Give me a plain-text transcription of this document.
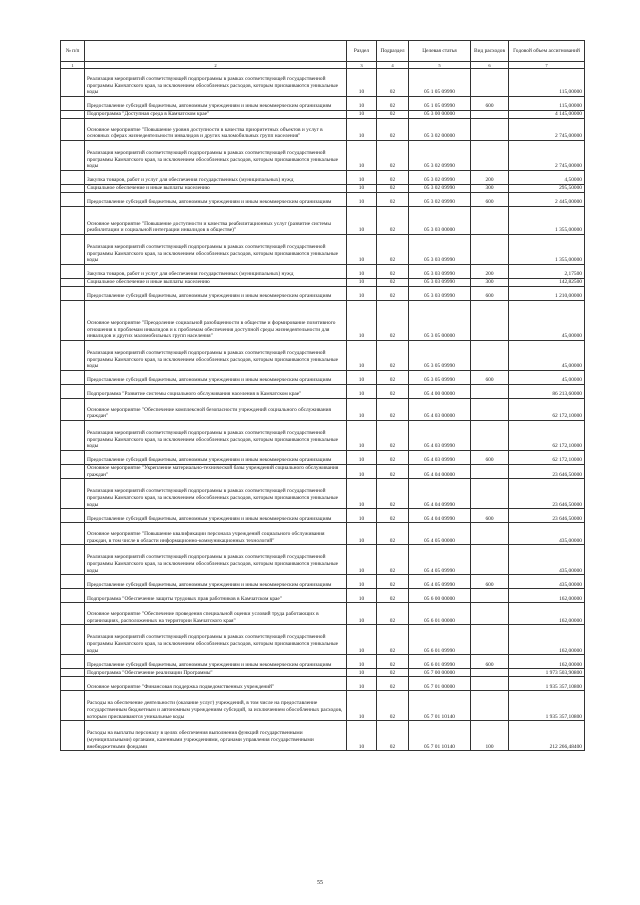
№ п/п		Раздел	Подраздел	Целевая статья	Вид расходов	Годовой объем ассигнований
1	2	3	4	5	6	7
	Реализация мероприятий соответствующей подпрограммы в рамках соответствующей государственной программы Камчатского края, за исключением обособленных расходов, которым присваиваются уникальные коды	10	02	05 1 05 09990		115,00000
	Предоставление субсидий бюджетным, автономным учреждениям и иным некоммерческим организациям	10	02	05 1 05 09990	600	115,00000
	Подпрограмма "Доступная среда в Камчатском крае"	10	02	05 3 00 00000		4 145,00000
	Основное мероприятие "Повышение уровня доступности в качества приоритетных объектов и услуг в основных сферах жизнедеятельности инвалидов и других маломобильных групп населения"	10	02	05 3 02 00000		2 745,00000
	Реализация мероприятий соответствующей подпрограммы в рамках соответствующей государственной программы Камчатского края, за исключением обособленных расходов, которым присваиваются уникальные коды	10	02	05 3 02 09990		2 745,00000
	Закупка товаров, работ и услуг для обеспечения государственных (муниципальных) нужд	10	02	05 3 02 09990	200	4,50000
	Социальное обеспечение и иные выплаты населению	10	02	05 3 02 09990	300	295,50000
	Предоставление субсидий бюджетным, автономным учреждениям и иным некоммерческим организациям	10	02	05 3 02 09990	600	2 445,00000
	Основное мероприятие "Повышение доступности и качества реабилитационных услуг (развитие системы реабилитации и социальной интеграции инвалидов в обществе)"	10	02	05 3 03 00000		1 355,00000
	Реализация мероприятий соответствующей подпрограммы в рамках соответствующей государственной программы Камчатского края, за исключением обособленных расходов, которым присваиваются уникальные коды	10	02	05 3 03 09990		1 355,00000
	Закупка товаров, работ и услуг для обеспечения государственных (муниципальных) нужд	10	02	05 3 03 09990	200	2,17500
	Социальное обеспечение и иные выплаты населению	10	02	05 3 03 09990	300	142,82500
	Предоставление субсидий бюджетным, автономным учреждениям и иным некоммерческим организациям	10	02	05 3 03 09990	600	1 210,00000
	Основное мероприятие "Преодоление социальной разобщенности в обществе и формирование позитивного отношения к проблемам инвалидов и к проблемам обеспечения доступной среды жизнедеятельности для инвалидов и других маломобильных групп населения"	10	02	05 3 05 00000		45,00000
	Реализация мероприятий соответствующей подпрограммы в рамках соответствующей государственной программы Камчатского края, за исключением обособленных расходов, которым присваиваются уникальные коды	10	02	05 3 05 09990		45,00000
	Предоставление субсидий бюджетным, автономным учреждениям и иным некоммерческим организациям	10	02	05 3 05 09990	600	45,00000
	Подпрограмма "Развитие системы социального обслуживания населения в Камчатском крае"	10	02	05 4 00 00000		86 213,60000
	Основное мероприятие "Обеспечение комплексной безопасности учреждений социального обслуживания граждан"	10	02	05 4 03 00000		62 172,10000
	Реализация мероприятий соответствующей подпрограммы в рамках соответствующей государственной программы Камчатского края, за исключением обособленных расходов, которым присваиваются уникальные коды	10	02	05 4 03 09990		62 172,10000
	Предоставление субсидий бюджетным, автономным учреждениям и иным некоммерческим организациям	10	02	05 4 03 09990	600	62 172,10000
	Основное мероприятие "Укрепление материально-технической базы учреждений социального обслуживания граждан"	10	02	05 4 04 00000		23 646,50000
	Реализация мероприятий соответствующей подпрограммы в рамках соответствующей государственной программы Камчатского края, за исключением обособленных расходов, которым присваиваются уникальные коды	10	02	05 4 04 09990		23 646,50000
	Предоставление субсидий бюджетным, автономным учреждениям и иным некоммерческим организациям	10	02	05 4 04 09990	600	23 646,50000
	Основное мероприятие "Повышение квалификации персонала учреждений социального обслуживания граждан, в том числе в области информационно-коммуникационных технологий"	10	02	05 4 05 00000		435,00000
	Реализация мероприятий соответствующей подпрограммы в рамках соответствующей государственной программы Камчатского края, за исключением обособленных расходов, которым присваиваются уникальные коды	10	02	05 4 05 09990		435,00000
	Предоставление субсидий бюджетным, автономным учреждениям и иным некоммерческим организациям	10	02	05 4 05 09990	600	435,00000
	Подпрограмма "Обеспечение защиты трудовых прав работников в Камчатском крае"	10	02	05 6 00 00000		162,00000
	Основное мероприятие "Обеспечение проведения специальной оценки условий труда работающих в организациях, расположенных на территории Камчатского края"	10	02	05 6 01 00000		162,00000
	Реализация мероприятий соответствующей подпрограммы в рамках соответствующей государственной программы Камчатского края, за исключением обособленных расходов, которым присваиваются уникальные коды	10	02	05 6 01 09990		162,00000
	Предоставление субсидий бюджетным, автономным учреждениям и иным некоммерческим организациям	10	02	05 6 01 09990	600	162,00000
	Подпрограмма "Обеспечение реализации Программы"	10	02	05 7 00 00000		1 973 503,90800
	Основное мероприятие "Финансовая поддержка подведомственных учреждений"	10	02	05 7 01 00000		1 935 357,10800
	Расходы на обеспечение деятельности (оказание услуг) учреждений, в том числе на предоставление государственным бюджетным и автономным учреждениям субсидий, за исключением обособленных расходов, которым присваиваются уникальные коды	10	02	05 7 01 10140		1 935 357,10800
	Расходы на выплаты персоналу в целях обеспечения выполнения функций государственными (муниципальными) органами, казенными учреждениями, органами управления государственными внебюджетными фондами	10	02	05 7 01 10140	100	212 266,48400
55
